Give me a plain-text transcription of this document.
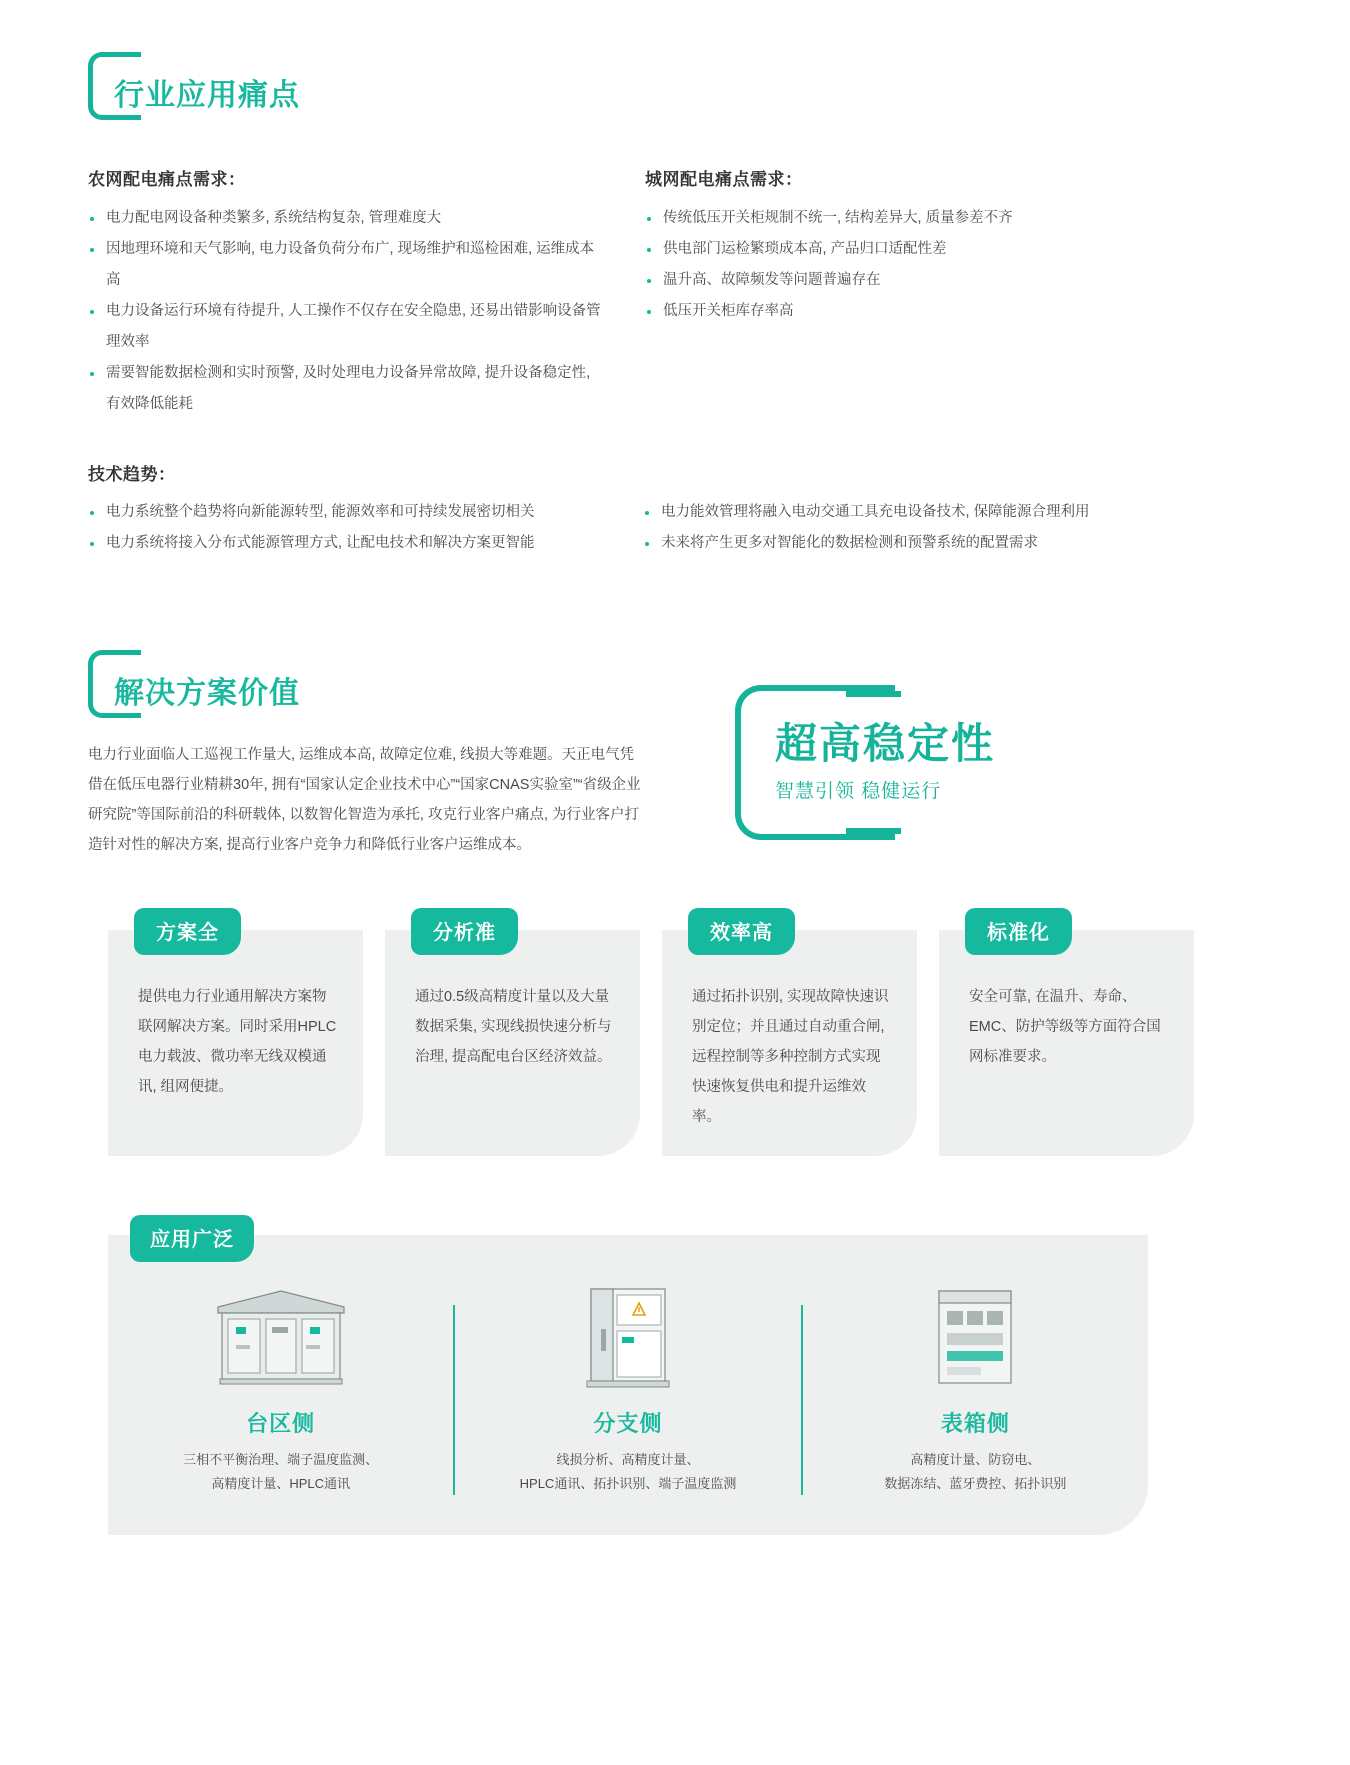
行业应用痛点
农网配电痛点需求：
电力配电网设备种类繁多, 系统结构复杂, 管理难度大
因地理环境和天气影响, 电力设备负荷分布广, 现场维护和巡检困难, 运维成本高
电力设备运行环境有待提升, 人工操作不仅存在安全隐患, 还易出错影响设备管理效率
需要智能数据检测和实时预警, 及时处理电力设备异常故障, 提升设备稳定性, 有效降低能耗
城网配电痛点需求：
传统低压开关柜规制不统一, 结构差异大, 质量参差不齐
供电部门运检繁琐成本高, 产品归口适配性差
温升高、故障频发等问题普遍存在
低压开关柜库存率高
技术趋势：
电力系统整个趋势将向新能源转型, 能源效率和可持续发展密切相关
电力系统将接入分布式能源管理方式, 让配电技术和解决方案更智能
电力能效管理将融入电动交通工具充电设备技术, 保障能源合理利用
未来将产生更多对智能化的数据检测和预警系统的配置需求
解决方案价值
电力行业面临人工巡视工作量大, 运维成本高, 故障定位难, 线损大等难题。天正电气凭借在低压电器行业精耕30年, 拥有“国家认定企业技术中心”“国家CNAS实验室”“省级企业研究院”等国际前沿的科研载体, 以数智化智造为承托, 攻克行业客户痛点, 为行业客户打造针对性的解决方案, 提高行业客户竞争力和降低行业客户运维成本。
超高稳定性
智慧引领 稳健运行
方案全

提供电力行业通用解决方案物联网解决方案。同时采用HPLC电力载波、微功率无线双模通讯, 组网便捷。

分析准

通过0.5级高精度计量以及大量数据采集, 实现线损快速分析与治理, 提高配电台区经济效益。

效率高

通过拓扑识别, 实现故障快速识别定位；并且通过自动重合闸, 远程控制等多种控制方式实现快速恢复供电和提升运维效率。

标准化

安全可靠, 在温升、寿命、EMC、防护等级等方面符合国网标准要求。

应用广泛
台区侧
三相不平衡治理、端子温度监测、
高精度计量、HPLC通讯
分支侧
线损分析、高精度计量、
HPLC通讯、拓扑识别、端子温度监测
表箱侧
高精度计量、防窃电、
数据冻结、蓝牙费控、拓扑识别
